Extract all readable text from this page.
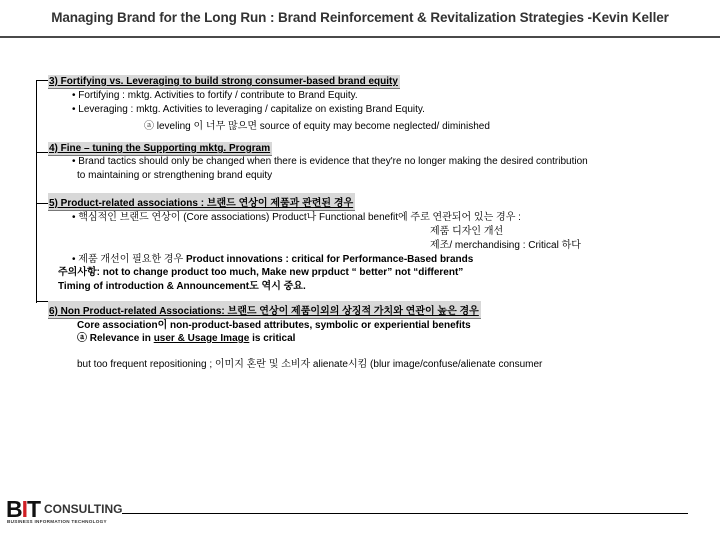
Managing Brand for the Long Run : Brand Reinforcement & Revitalization Strategies -Kevin Keller
3) Fortifying vs. Leveraging to build strong consumer-based brand equity
• Fortifying : mktg. Activities to fortify / contribute to Brand Equity.
• Leveraging : mktg. Activities to leveraging / capitalize on existing Brand Equity.
ⓐ leveling 이 너무 많으면 source of equity may become neglected/ diminished
4) Fine – tuning the Supporting mktg. Program
• Brand tactics should only be changed when there is evidence that they're no longer making the desired contribution
to maintaining or strengthening brand equity
5) Product-related associations : 브랜드 연상이 제품과 관련된 경우
• 핵심적인 브랜드 연상이 (Core associations) Product나 Functional benefit에 주로 연관되어 있는 경우 :
제품 디자인 개선
제조/ merchandising : Critical 하다
• 제품 개선이 필요한 경우 Product innovations : critical for Performance-Based brands
주의사항: not to change product too much, Make new prpduct “ better” not “different”
Timing of introduction & Announcement도 역시 중요.
6) Non Product-related Associations: 브랜드 연상이 제품이외의 상징적 가치와 연관이 높은 경우
Core association이 non-product-based attributes, symbolic or experiential benefits
ⓐ Relevance in user & Usage Image is critical
but too frequent repositioning ; 이미지 혼란 및 소비자 alienate시킴 (blur image/confuse/alienate consumer
BIT CONSULTING
BUSINESS INFORMATION TECHNOLOGY
